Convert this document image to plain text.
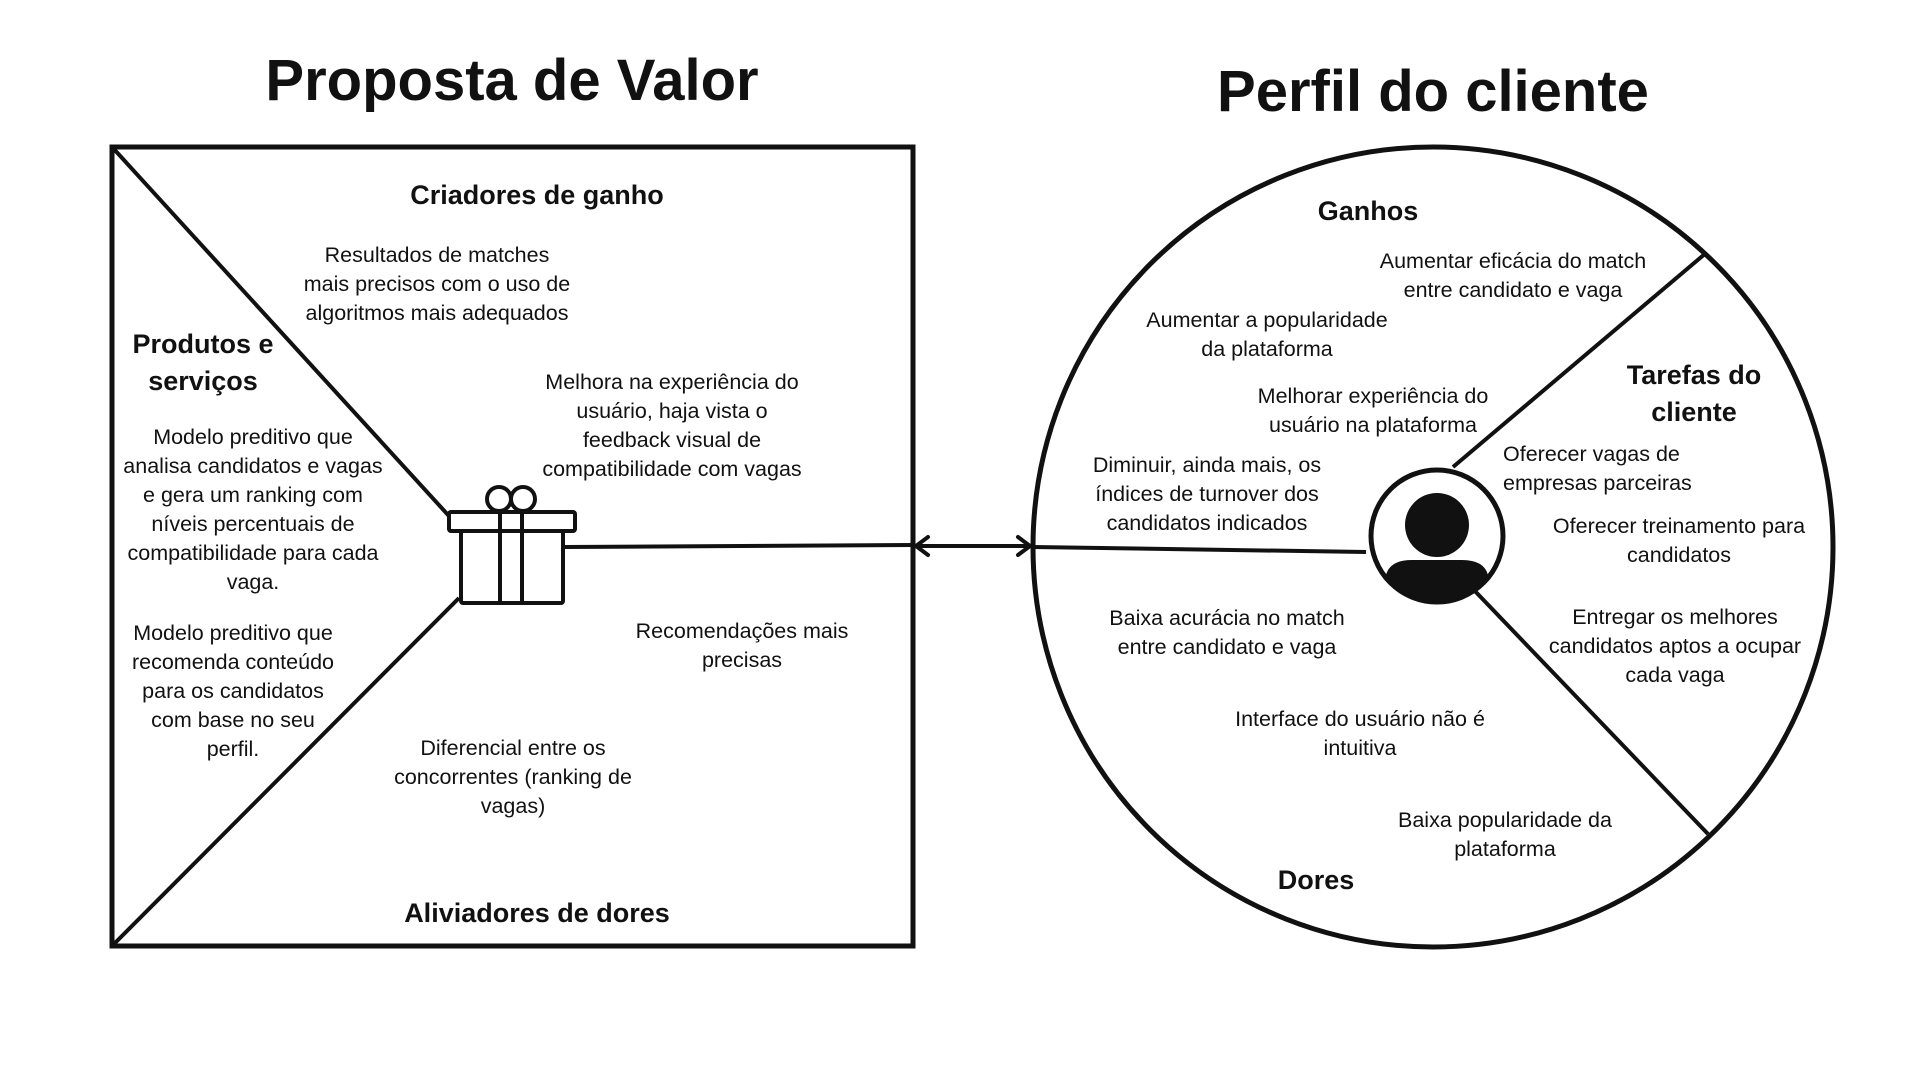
Proposta de Valor	Perfil do cliente
Criadores de ganho
Produtos e
serviços
Aliviadores de dores
Resultados de matches
mais precisos com o uso de
algoritmos mais adequados
Melhora na experiência do
usuário, haja vista o
feedback visual de
compatibilidade com vagas
Modelo preditivo que
analisa candidatos e vagas
e gera um ranking com
níveis percentuais de
compatibilidade para cada
vaga.
Modelo preditivo que
recomenda conteúdo
para os candidatos
com base no seu
perfil.
Recomendações mais
precisas
Diferencial entre os
concorrentes (ranking de
vagas)
Ganhos
Tarefas do
cliente
Dores
Aumentar eficácia do match
entre candidato e vaga
Aumentar a popularidade
da plataforma
Melhorar experiência do
usuário na plataforma
Diminuir, ainda mais, os
índices de turnover dos
candidatos indicados
Oferecer vagas de
empresas parceiras
Oferecer treinamento para
candidatos
Entregar os melhores
candidatos aptos a ocupar
cada vaga
Baixa acurácia no match
entre candidato e vaga
Interface do usuário não é
intuitiva
Baixa popularidade da
plataforma
